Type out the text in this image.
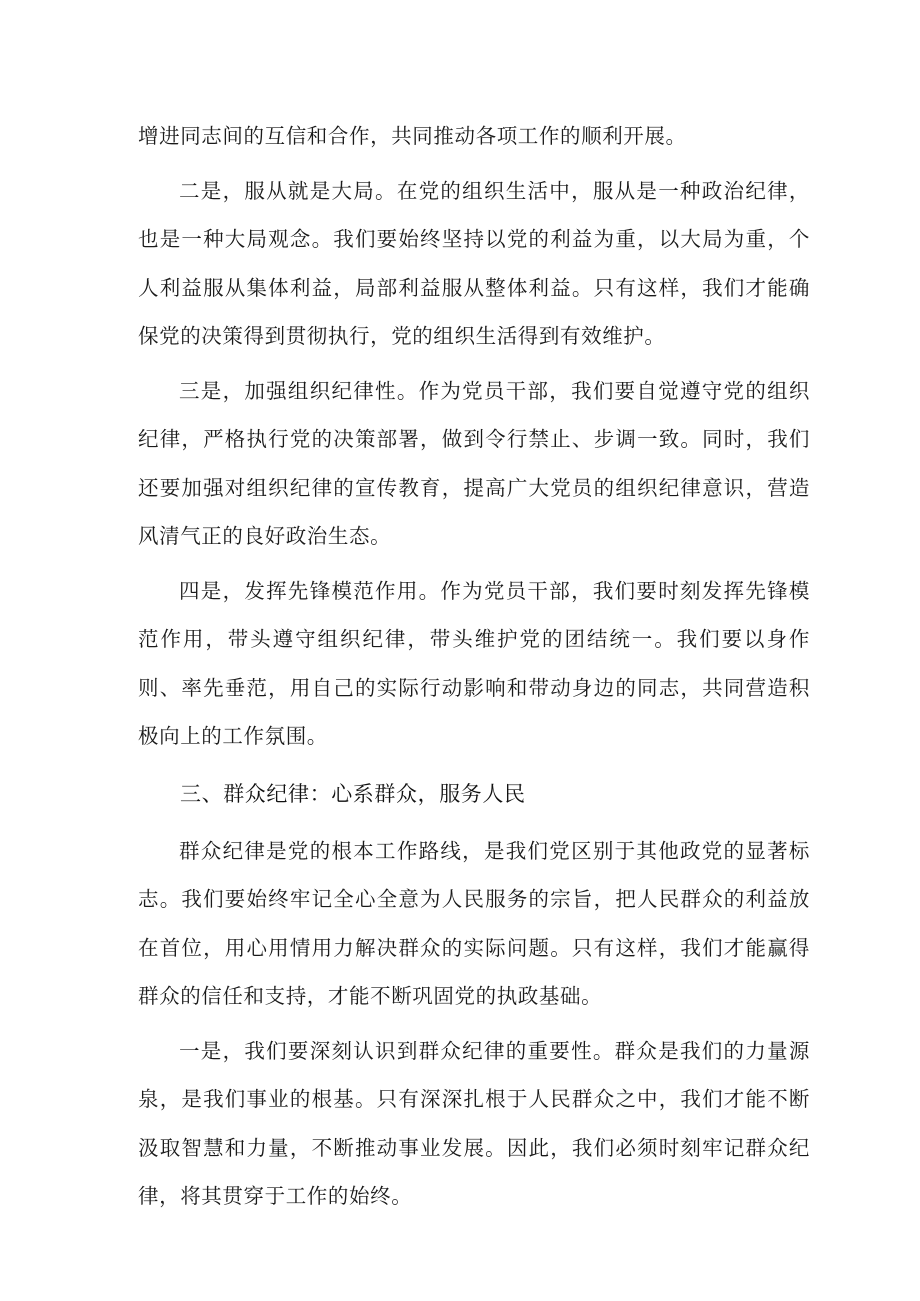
增进同志间的互信和合作，共同推动各项工作的顺利开展。

二是，服从就是大局。在党的组织生活中，服从是一种政治纪律，也是一种大局观念。我们要始终坚持以党的利益为重，以大局为重，个人利益服从集体利益，局部利益服从整体利益。只有这样，我们才能确保党的决策得到贯彻执行，党的组织生活得到有效维护。

三是，加强组织纪律性。作为党员干部，我们要自觉遵守党的组织纪律，严格执行党的决策部署，做到令行禁止、步调一致。同时，我们还要加强对组织纪律的宣传教育，提高广大党员的组织纪律意识，营造风清气正的良好政治生态。

四是，发挥先锋模范作用。作为党员干部，我们要时刻发挥先锋模范作用，带头遵守组织纪律，带头维护党的团结统一。我们要以身作则、率先垂范，用自己的实际行动影响和带动身边的同志，共同营造积极向上的工作氛围。

三、群众纪律：心系群众，服务人民

群众纪律是党的根本工作路线，是我们党区别于其他政党的显著标志。我们要始终牢记全心全意为人民服务的宗旨，把人民群众的利益放在首位，用心用情用力解决群众的实际问题。只有这样，我们才能赢得群众的信任和支持，才能不断巩固党的执政基础。

一是，我们要深刻认识到群众纪律的重要性。群众是我们的力量源泉，是我们事业的根基。只有深深扎根于人民群众之中，我们才能不断汲取智慧和力量，不断推动事业发展。因此，我们必须时刻牢记群众纪律，将其贯穿于工作的始终。
